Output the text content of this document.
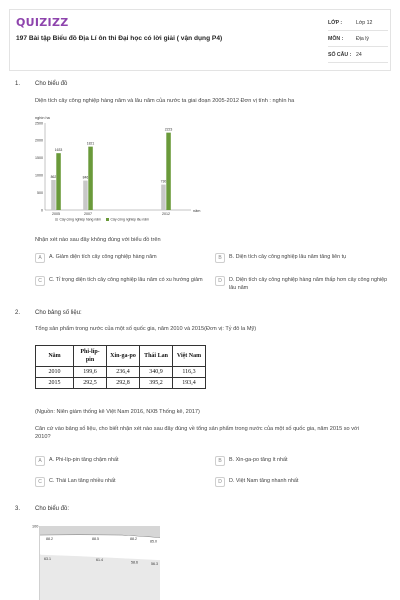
QUIZIZZ
197 Bài tập Biểu đồ Địa Lí ôn thi Đại học có lời giải ( vận dụng P4)
LỚP :	Lớp 12
MÔN :	Địa lý
SỐ CÂU : 24
1. Cho biểu đồ
Diện tích cây công nghiệp hàng năm và lâu năm của nước ta giai đoạn 2005-2012 Đơn vị tính : nghìn ha
nghìn ha
0
500
1000
1500
2000
2500
862
1633
846
1821
730
2223
2005	2007	2012
năm
Cây công nghiệp hàng năm	Cây công nghiệp lâu năm
Nhận xét nào sau đây không đúng với biểu đồ trên
A	A. Giảm diện tích cây công nghiệp hàng năm	B	B. Diện tích cây công nghiệp lâu năm tăng liên tụ
C	C. Tỉ trọng diện tích cây công nghiệp lâu năm có xu hướng giảm	D	D. Diện tích cây công nghiệp hàng năm thấp hơn cây công nghiệp lâu năm
2. Cho bảng số liệu:
Tổng sản phẩm trong nước của một số quốc gia, năm 2010 và 2015(Đơn vị: Tỷ đô la Mỹ)
Năm	Phi-líp-pin	Xin-ga-po	Thái Lan	Việt Nam
2010	199,6	236,4	340,9	116,3
2015	292,5	292,8	395,2	193,4
(Nguồn: Niên giám thống kê Việt Nam 2016, NXB Thống kê, 2017)
Căn cứ vào bảng số liệu, cho biết nhận xét nào sau đây đúng về tổng sản phẩm trong nước của một số quốc gia, năm 2015 so với 2010?
A	A. Phi-líp-pin tăng chậm nhất	B	B. Xin-ga-po tăng ít nhất
C	C. Thái Lan tăng nhiều nhất	D	D. Việt Nam tăng nhanh nhất
3. Cho biểu đồ:
100
88.2	88.5	88.2
85.0
63.1	61.4
58.6	56.3
